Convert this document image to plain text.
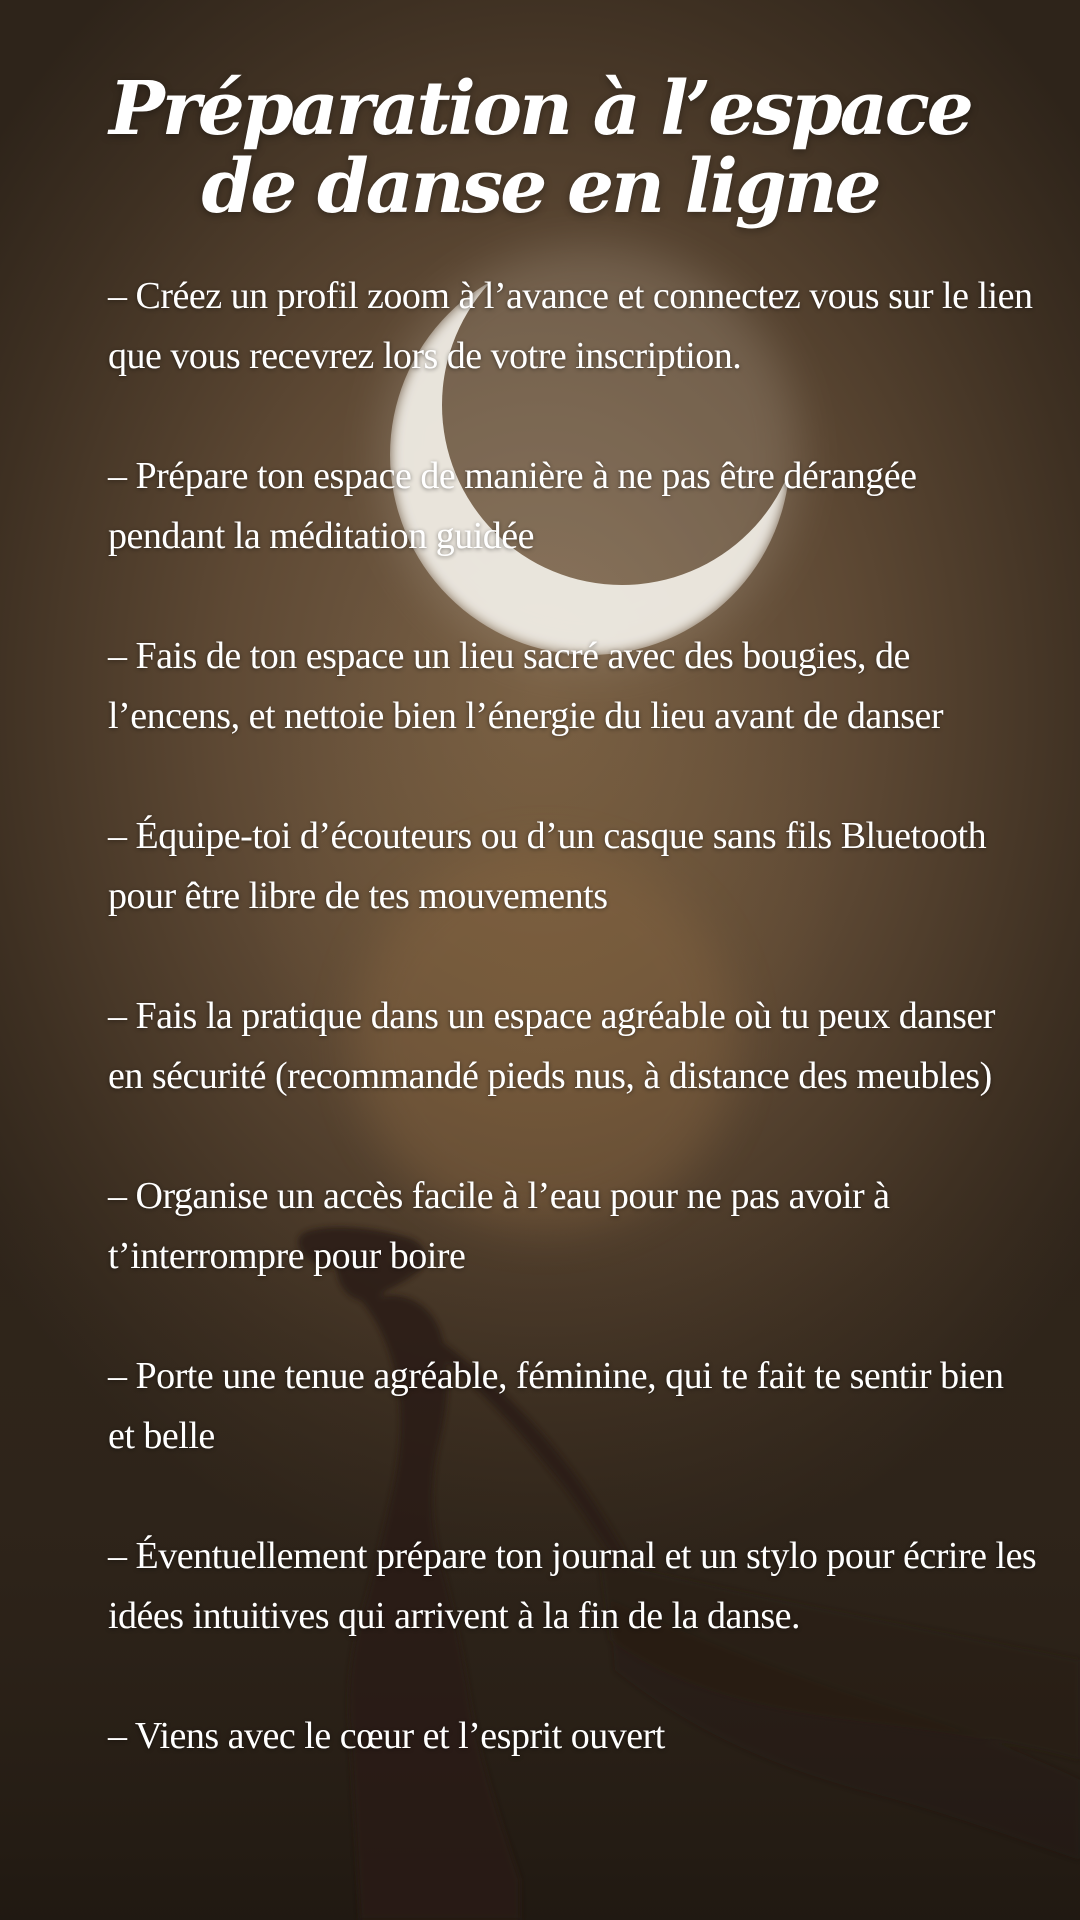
Préparation à l’espace
de danse en ligne

– Créez un profil zoom à l’avance et connectez vous sur le lien que vous recevrez lors de votre inscription.

– Prépare ton espace de manière à ne pas être dérangée pendant la méditation guidée

– Fais de ton espace un lieu sacré avec des bougies, de l’encens, et nettoie bien l’énergie du lieu avant de danser

– Équipe-toi d’écouteurs ou d’un casque sans fils Bluetooth pour être libre de tes mouvements

– Fais la pratique dans un espace agréable où tu peux danser en sécurité (recommandé pieds nus, à distance des meubles)

– Organise un accès facile à l’eau pour ne pas avoir à t’interrompre pour boire

– Porte une tenue agréable, féminine, qui te fait te sentir bien et belle

– Éventuellement prépare ton journal et un stylo pour écrire les idées intuitives qui arrivent à la fin de la danse.

– Viens avec le cœur et l’esprit ouvert
